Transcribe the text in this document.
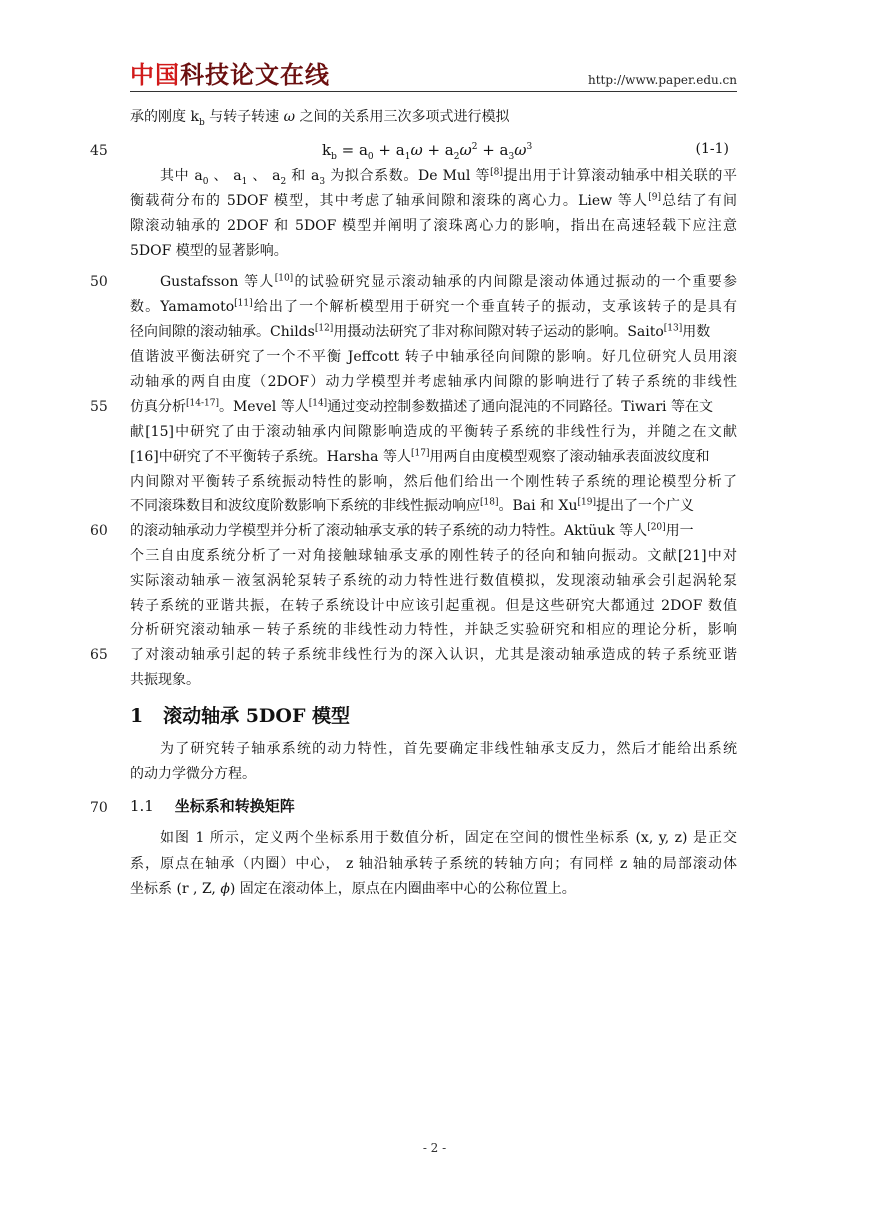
中国科技论文在线	http://www.paper.edu.cn
45
50
55
60
65
70
承的刚度 $k_b$ 与转子转速 ω 之间的关系用三次多项式进行模拟
$k_b = a_0 + a_1\omega + a_2\omega^2 + a_3\omega^3$	(1-1)
其中 $a_0$ 、 $a_1$ 、 $a_2$ 和 $a_3$ 为拟合系数。De Mul 等[8]提出用于计算滚动轴承中相关联的平
衡载荷分布的 5DOF 模型，其中考虑了轴承间隙和滚珠的离心力。Liew 等人[9]总结了有间
隙滚动轴承的 2DOF 和 5DOF 模型并阐明了滚珠离心力的影响，指出在高速轻载下应注意
5DOF 模型的显著影响。
Gustafsson 等人[10]的试验研究显示滚动轴承的内间隙是滚动体通过振动的一个重要参
数。Yamamoto[11]给出了一个解析模型用于研究一个垂直转子的振动，支承该转子的是具有
径向间隙的滚动轴承。Childs[12]用摄动法研究了非对称间隙对转子运动的影响。Saito[13]用数
值谐波平衡法研究了一个不平衡 Jeffcott 转子中轴承径向间隙的影响。好几位研究人员用滚
动轴承的两自由度（2DOF）动力学模型并考虑轴承内间隙的影响进行了转子系统的非线性
仿真分析[14-17]。Mevel 等人[14]通过变动控制参数描述了通向混沌的不同路径。Tiwari 等在文
献[15]中研究了由于滚动轴承内间隙影响造成的平衡转子系统的非线性行为，并随之在文献
[16]中研究了不平衡转子系统。Harsha 等人[17]用两自由度模型观察了滚动轴承表面波纹度和
内间隙对平衡转子系统振动特性的影响，然后他们给出一个刚性转子系统的理论模型分析了
不同滚珠数目和波纹度阶数影响下系统的非线性振动响应[18]。Bai 和 Xu[19]提出了一个广义
的滚动轴承动力学模型并分析了滚动轴承支承的转子系统的动力特性。Aktüuk 等人[20]用一
个三自由度系统分析了一对角接触球轴承支承的刚性转子的径向和轴向振动。文献[21]中对
实际滚动轴承－液氢涡轮泵转子系统的动力特性进行数值模拟，发现滚动轴承会引起涡轮泵
转子系统的亚谐共振，在转子系统设计中应该引起重视。但是这些研究大都通过 2DOF 数值
分析研究滚动轴承－转子系统的非线性动力特性，并缺乏实验研究和相应的理论分析，影响
了对滚动轴承引起的转子系统非线性行为的深入认识，尤其是滚动轴承造成的转子系统亚谐
共振现象。
1 滚动轴承 5DOF 模型
为了研究转子轴承系统的动力特性，首先要确定非线性轴承支反力，然后才能给出系统
的动力学微分方程。
1.1 坐标系和转换矩阵
如图 1 所示，定义两个坐标系用于数值分析，固定在空间的惯性坐标系 (x, y, z) 是正交
系，原点在轴承（内圈）中心， z 轴沿轴承转子系统的转轴方向；有同样 z 轴的局部滚动体
坐标系 (r , Z, ϕ) 固定在滚动体上，原点在内圈曲率中心的公称位置上。
- 2 -
